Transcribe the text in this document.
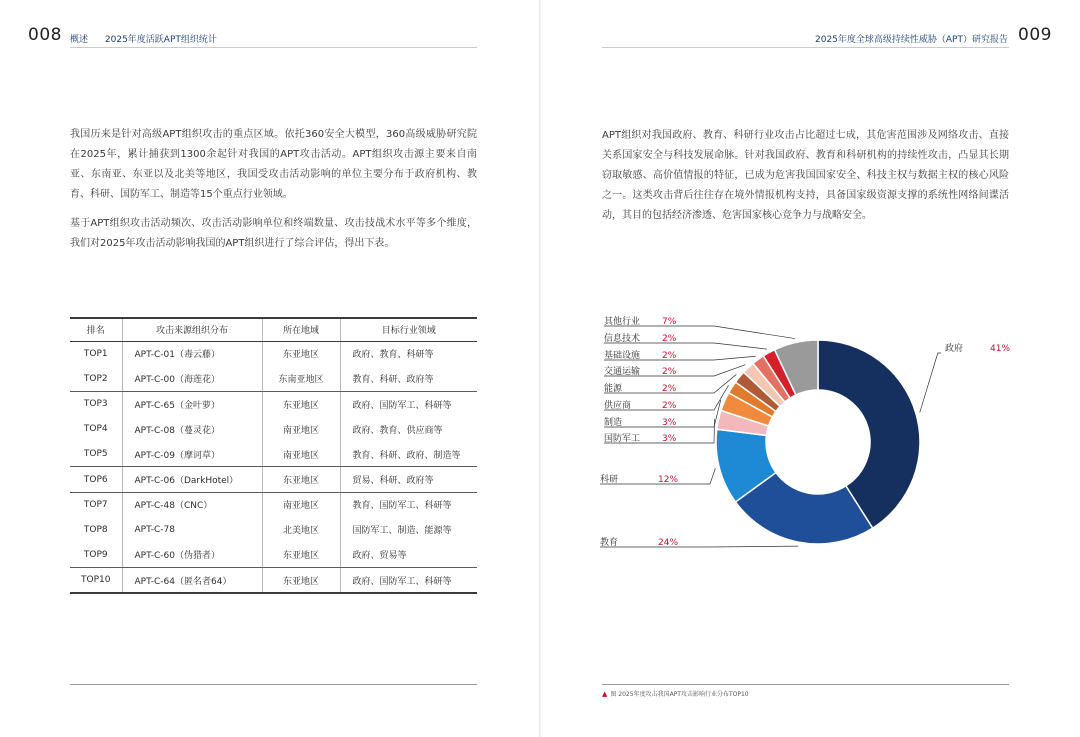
008 概述 2025年度活跃APT组织统计

我国历来是针对高级APT组织攻击的重点区域。依托360安全大模型，360高级威胁研究院在2025年，累计捕获到1300余起针对我国的APT攻击活动。APT组织攻击源主要来自南亚、东南亚、东亚以及北美等地区，我国受攻击活动影响的单位主要分布于政府机构、教育、科研、国防军工、制造等15个重点行业领域。

基于APT组织攻击活动频次、攻击活动影响单位和终端数量、攻击技战术水平等多个维度，我们对2025年攻击活动影响我国的APT组织进行了综合评估，得出下表。

排名	攻击来源组织分布	所在地域	目标行业领域
TOP1	APT-C-01（毒云藤）	东亚地区	政府、教育、科研等
TOP2	APT-C-00（海莲花）	东南亚地区	教育、科研、政府等
TOP3	APT-C-65（金叶萝）	东亚地区	政府、国防军工、科研等
TOP4	APT-C-08（蔓灵花）	南亚地区	政府、教育、供应商等
TOP5	APT-C-09（摩诃草）	南亚地区	教育、科研、政府、制造等
TOP6	APT-C-06（DarkHotel）	东亚地区	贸易、科研、政府等
TOP7	APT-C-48（CNC）	南亚地区	教育、国防军工、科研等
TOP8	APT-C-78	北美地区	国防军工、制造、能源等
TOP9	APT-C-60（伪猎者）	东亚地区	政府、贸易等
TOP10	APT-C-64（匿名者64）	东亚地区	政府、国防军工、科研等
009
2025年度全球高级持续性威胁（APT）研究报告

APT组织对我国政府、教育、科研行业攻击占比超过七成，其危害范围涉及网络攻击、直接关系国家安全与科技发展命脉。针对我国政府、教育和科研机构的持续性攻击，凸显其长期窃取敏感、高价值情报的特征，已成为危害我国国家安全、科技主权与数据主权的核心风险之一。这类攻击背后往往存在境外情报机构支持，具备国家级资源支撑的系统性网络间谍活动，其目的包括经济渗透、危害国家核心竞争力与战略安全。

政府	41%
教育	24%
科研	12%
国防军工 3%
制造	3%
供应商	2%
能源	2%
交通运输 2%
基础设施 2%
信息技术 2%
其他行业 7%
▲ 图 2025年度攻击我国APT攻击影响行业分布TOP10
